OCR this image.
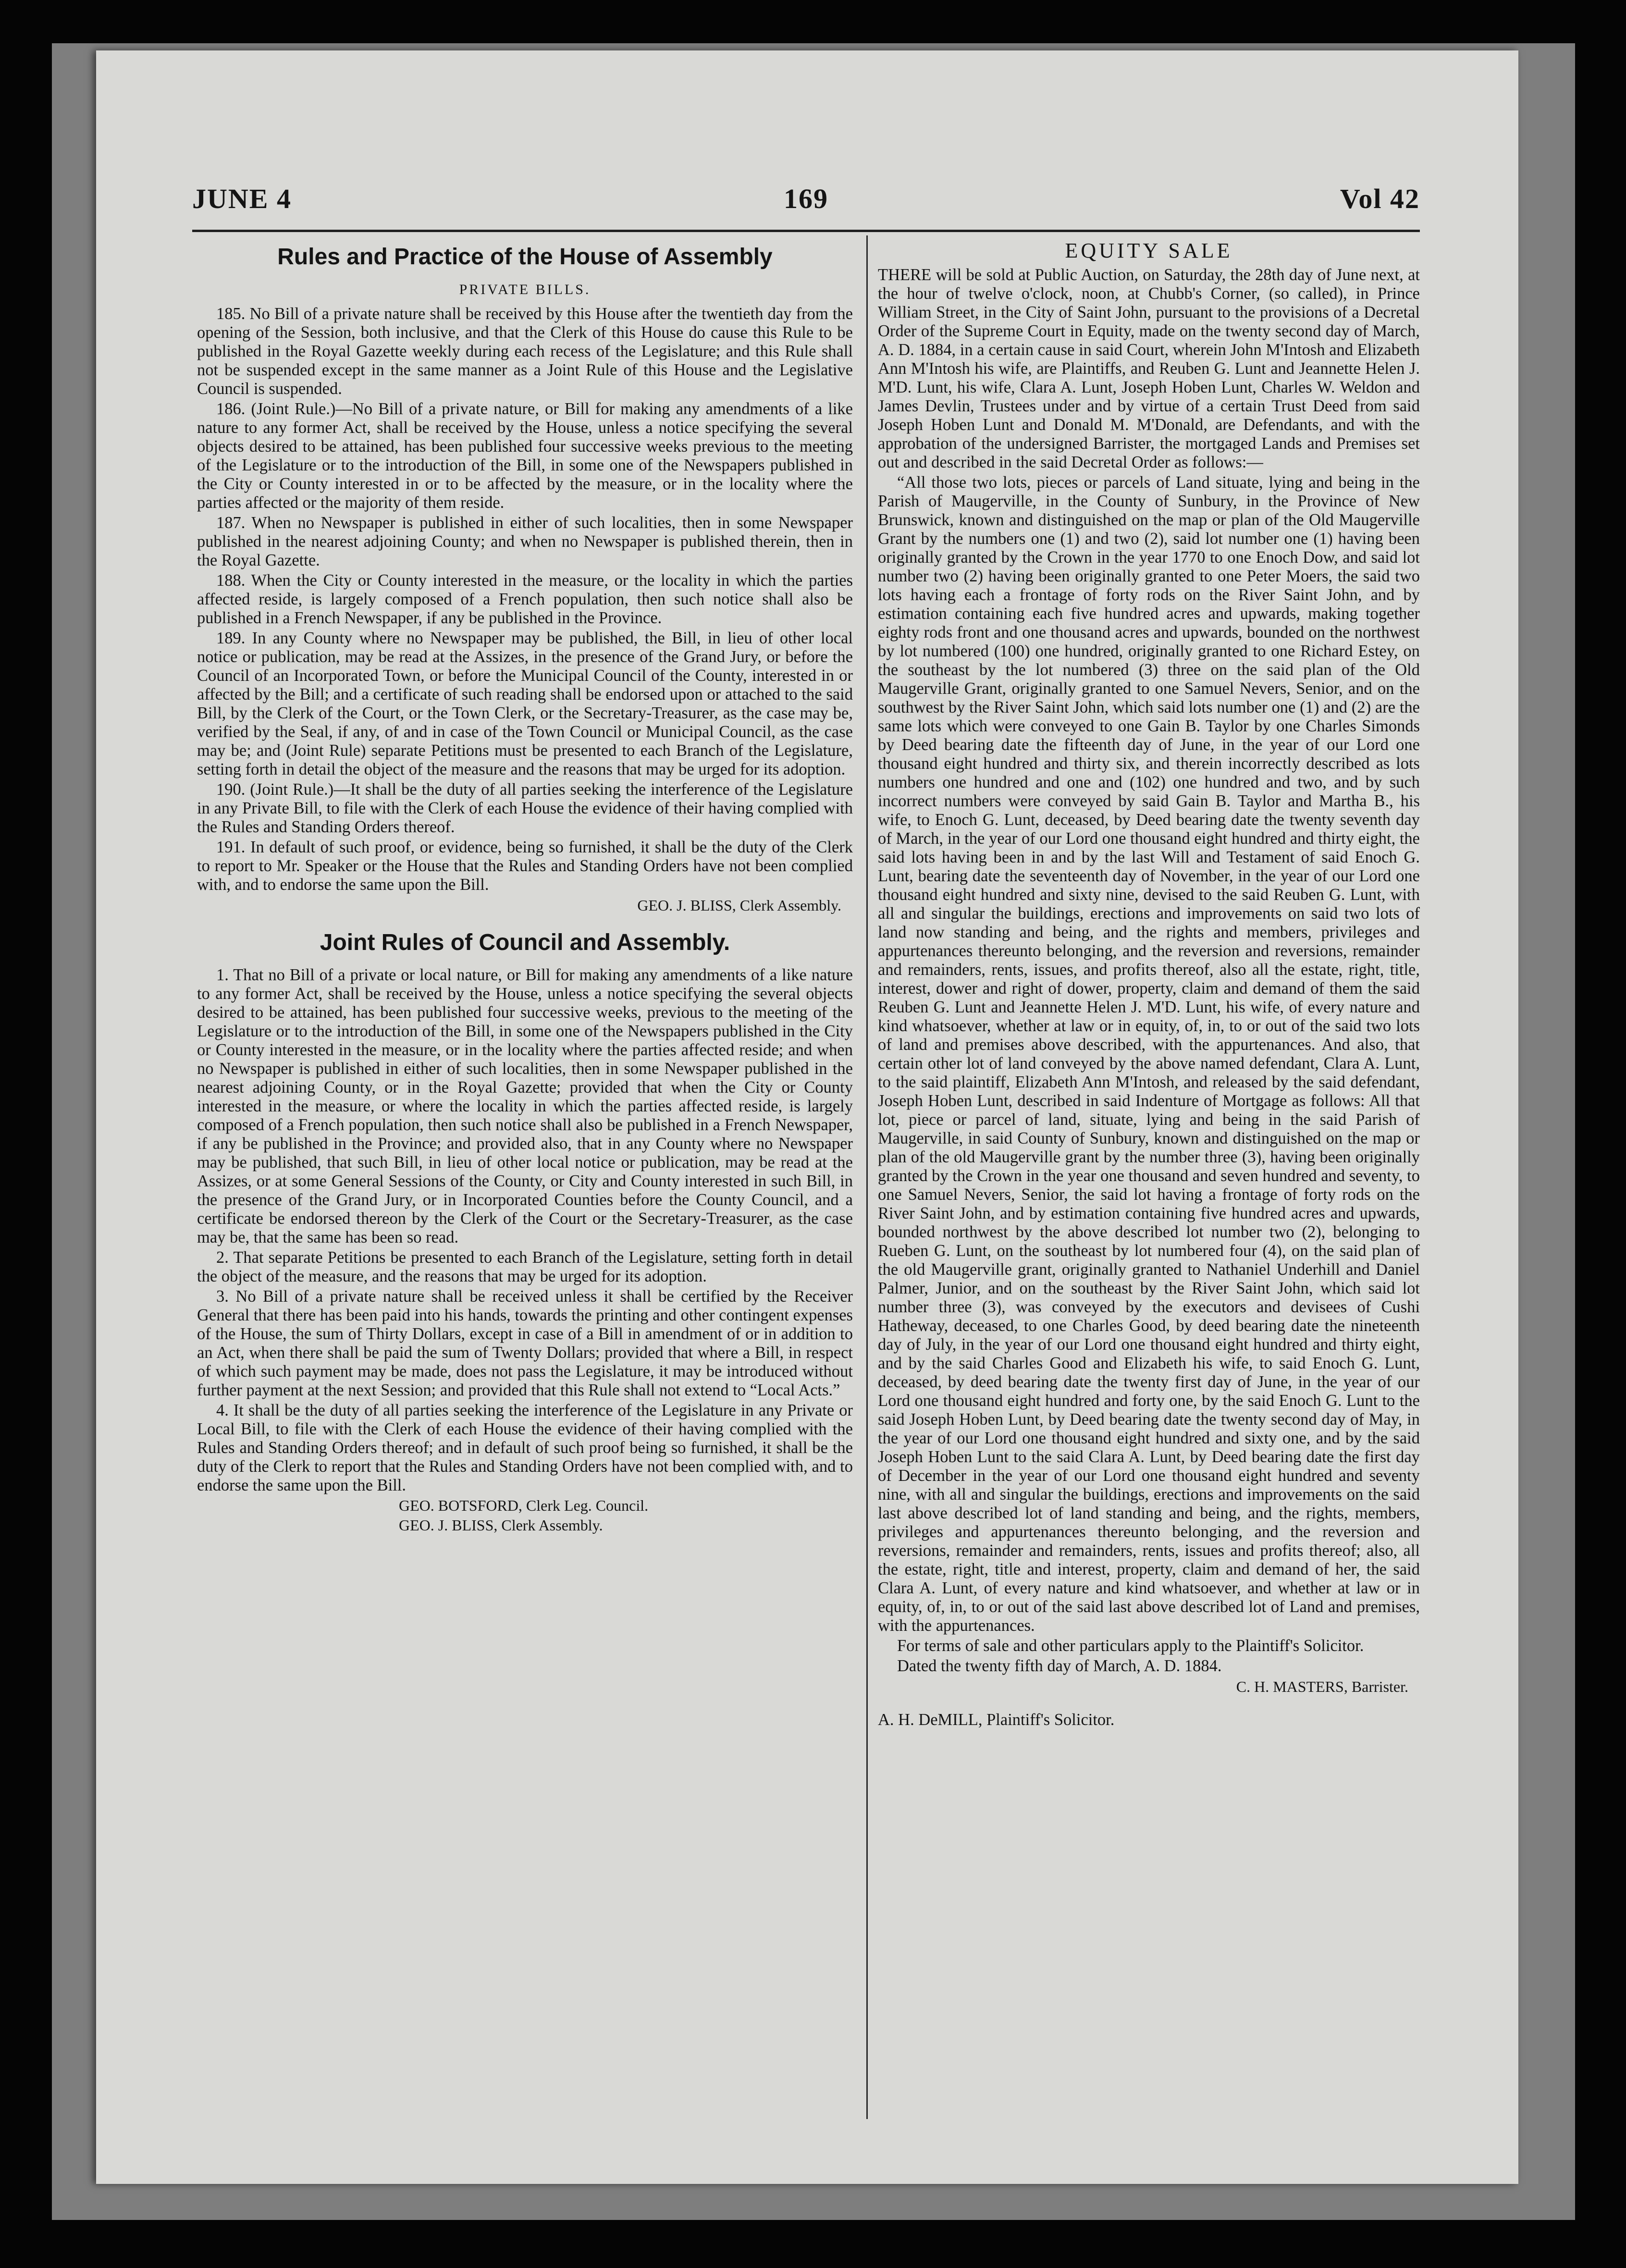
JUNE 4	169	Vol 42
Rules and Practice of the House of Assembly
PRIVATE BILLS.

185. No Bill of a private nature shall be received by this House after the twentieth day from the opening of the Session, both inclusive, and that the Clerk of this House do cause this Rule to be published in the Royal Gazette weekly during each recess of the Legislature; and this Rule shall not be suspended except in the same manner as a Joint Rule of this House and the Legislative Council is suspended.

186. (Joint Rule.)—No Bill of a private nature, or Bill for making any amendments of a like nature to any former Act, shall be received by the House, unless a notice specifying the several objects desired to be attained, has been published four successive weeks previous to the meeting of the Legislature or to the introduction of the Bill, in some one of the Newspapers published in the City or County interested in or to be affected by the measure, or in the locality where the parties affected or the majority of them reside.

187. When no Newspaper is published in either of such localities, then in some Newspaper published in the nearest adjoining County; and when no Newspaper is published therein, then in the Royal Gazette.

188. When the City or County interested in the measure, or the locality in which the parties affected reside, is largely composed of a French population, then such notice shall also be published in a French Newspaper, if any be published in the Province.

189. In any County where no Newspaper may be published, the Bill, in lieu of other local notice or publication, may be read at the Assizes, in the presence of the Grand Jury, or before the Council of an Incorporated Town, or before the Municipal Council of the County, interested in or affected by the Bill; and a certificate of such reading shall be endorsed upon or attached to the said Bill, by the Clerk of the Court, or the Town Clerk, or the Secretary-Treasurer, as the case may be, verified by the Seal, if any, of and in case of the Town Council or Municipal Council, as the case may be; and (Joint Rule) separate Petitions must be presented to each Branch of the Legislature, setting forth in detail the object of the measure and the reasons that may be urged for its adoption.

190. (Joint Rule.)—It shall be the duty of all parties seeking the interference of the Legislature in any Private Bill, to file with the Clerk of each House the evidence of their having complied with the Rules and Standing Orders thereof.

191. In default of such proof, or evidence, being so furnished, it shall be the duty of the Clerk to report to Mr. Speaker or the House that the Rules and Standing Orders have not been complied with, and to endorse the same upon the Bill.

GEO. J. BLISS, Clerk Assembly.
Joint Rules of Council and Assembly.

1. That no Bill of a private or local nature, or Bill for making any amendments of a like nature to any former Act, shall be received by the House, unless a notice specifying the several objects desired to be attained, has been published four successive weeks, previous to the meeting of the Legislature or to the introduction of the Bill, in some one of the Newspapers published in the City or County interested in the measure, or in the locality where the parties affected reside; and when no Newspaper is published in either of such localities, then in some Newspaper published in the nearest adjoining County, or in the Royal Gazette; provided that when the City or County interested in the measure, or where the locality in which the parties affected reside, is largely composed of a French population, then such notice shall also be published in a French Newspaper, if any be published in the Province; and provided also, that in any County where no Newspaper may be published, that such Bill, in lieu of other local notice or publication, may be read at the Assizes, or at some General Sessions of the County, or City and County interested in such Bill, in the presence of the Grand Jury, or in Incorporated Counties before the County Council, and a certificate be endorsed thereon by the Clerk of the Court or the Secretary-Treasurer, as the case may be, that the same has been so read.

2. That separate Petitions be presented to each Branch of the Legislature, setting forth in detail the object of the measure, and the reasons that may be urged for its adoption.

3. No Bill of a private nature shall be received unless it shall be certified by the Receiver General that there has been paid into his hands, towards the printing and other contingent expenses of the House, the sum of Thirty Dollars, except in case of a Bill in amendment of or in addition to an Act, when there shall be paid the sum of Twenty Dollars; provided that where a Bill, in respect of which such payment may be made, does not pass the Legislature, it may be introduced without further payment at the next Session; and provided that this Rule shall not extend to “Local Acts.”

4. It shall be the duty of all parties seeking the interference of the Legislature in any Private or Local Bill, to file with the Clerk of each House the evidence of their having complied with the Rules and Standing Orders thereof; and in default of such proof being so furnished, it shall be the duty of the Clerk to report that the Rules and Standing Orders have not been complied with, and to endorse the same upon the Bill.

GEO. BOTSFORD, Clerk Leg. Council.
GEO. J. BLISS, Clerk Assembly.
EQUITY SALE

THERE will be sold at Public Auction, on Saturday, the 28th day of June next, at the hour of twelve o'clock, noon, at Chubb's Corner, (so called), in Prince William Street, in the City of Saint John, pursuant to the provisions of a Decretal Order of the Supreme Court in Equity, made on the twenty second day of March, A. D. 1884, in a certain cause in said Court, wherein John M'Intosh and Elizabeth Ann M'Intosh his wife, are Plaintiffs, and Reuben G. Lunt and Jeannette Helen J. M'D. Lunt, his wife, Clara A. Lunt, Joseph Hoben Lunt, Charles W. Weldon and James Devlin, Trustees under and by virtue of a certain Trust Deed from said Joseph Hoben Lunt and Donald M. M'Donald, are Defendants, and with the approbation of the undersigned Barrister, the mortgaged Lands and Premises set out and described in the said Decretal Order as follows:—

“All those two lots, pieces or parcels of Land situate, lying and being in the Parish of Maugerville, in the County of Sunbury, in the Province of New Brunswick, known and distinguished on the map or plan of the Old Maugerville Grant by the numbers one (1) and two (2), said lot number one (1) having been originally granted by the Crown in the year 1770 to one Enoch Dow, and said lot number two (2) having been originally granted to one Peter Moers, the said two lots having each a frontage of forty rods on the River Saint John, and by estimation containing each five hundred acres and upwards, making together eighty rods front and one thousand acres and upwards, bounded on the northwest by lot numbered (100) one hundred, originally granted to one Richard Estey, on the southeast by the lot numbered (3) three on the said plan of the Old Maugerville Grant, originally granted to one Samuel Nevers, Senior, and on the southwest by the River Saint John, which said lots number one (1) and (2) are the same lots which were conveyed to one Gain B. Taylor by one Charles Simonds by Deed bearing date the fifteenth day of June, in the year of our Lord one thousand eight hundred and thirty six, and therein incorrectly described as lots numbers one hundred and one and (102) one hundred and two, and by such incorrect numbers were conveyed by said Gain B. Taylor and Martha B., his wife, to Enoch G. Lunt, deceased, by Deed bearing date the twenty seventh day of March, in the year of our Lord one thousand eight hundred and thirty eight, the said lots having been in and by the last Will and Testament of said Enoch G. Lunt, bearing date the seventeenth day of November, in the year of our Lord one thousand eight hundred and sixty nine, devised to the said Reuben G. Lunt, with all and singular the buildings, erections and improvements on said two lots of land now standing and being, and the rights and members, privileges and appurtenances thereunto belonging, and the reversion and reversions, remainder and remainders, rents, issues, and profits thereof, also all the estate, right, title, interest, dower and right of dower, property, claim and demand of them the said Reuben G. Lunt and Jeannette Helen J. M'D. Lunt, his wife, of every nature and kind whatsoever, whether at law or in equity, of, in, to or out of the said two lots of land and premises above described, with the appurtenances. And also, that certain other lot of land conveyed by the above named defendant, Clara A. Lunt, to the said plaintiff, Elizabeth Ann M'Intosh, and released by the said defendant, Joseph Hoben Lunt, described in said Indenture of Mortgage as follows: All that lot, piece or parcel of land, situate, lying and being in the said Parish of Maugerville, in said County of Sunbury, known and distinguished on the map or plan of the old Maugerville grant by the number three (3), having been originally granted by the Crown in the year one thousand and seven hundred and seventy, to one Samuel Nevers, Senior, the said lot having a frontage of forty rods on the River Saint John, and by estimation containing five hundred acres and upwards, bounded northwest by the above described lot number two (2), belonging to Rueben G. Lunt, on the southeast by lot numbered four (4), on the said plan of the old Maugerville grant, originally granted to Nathaniel Underhill and Daniel Palmer, Junior, and on the southeast by the River Saint John, which said lot number three (3), was conveyed by the executors and devisees of Cushi Hatheway, deceased, to one Charles Good, by deed bearing date the nineteenth day of July, in the year of our Lord one thousand eight hundred and thirty eight, and by the said Charles Good and Elizabeth his wife, to said Enoch G. Lunt, deceased, by deed bearing date the twenty first day of June, in the year of our Lord one thousand eight hundred and forty one, by the said Enoch G. Lunt to the said Joseph Hoben Lunt, by Deed bearing date the twenty second day of May, in the year of our Lord one thousand eight hundred and sixty one, and by the said Joseph Hoben Lunt to the said Clara A. Lunt, by Deed bearing date the first day of December in the year of our Lord one thousand eight hundred and seventy nine, with all and singular the buildings, erections and improvements on the said last above described lot of land standing and being, and the rights, members, privileges and appurtenances thereunto belonging, and the reversion and reversions, remainder and remainders, rents, issues and profits thereof; also, all the estate, right, title and interest, property, claim and demand of her, the said Clara A. Lunt, of every nature and kind whatsoever, and whether at law or in equity, of, in, to or out of the said last above described lot of Land and premises, with the appurtenances.

For terms of sale and other particulars apply to the Plaintiff's Solicitor.

Dated the twenty fifth day of March, A. D. 1884.

C. H. MASTERS, Barrister.
A. H. DeMILL, Plaintiff's Solicitor.
